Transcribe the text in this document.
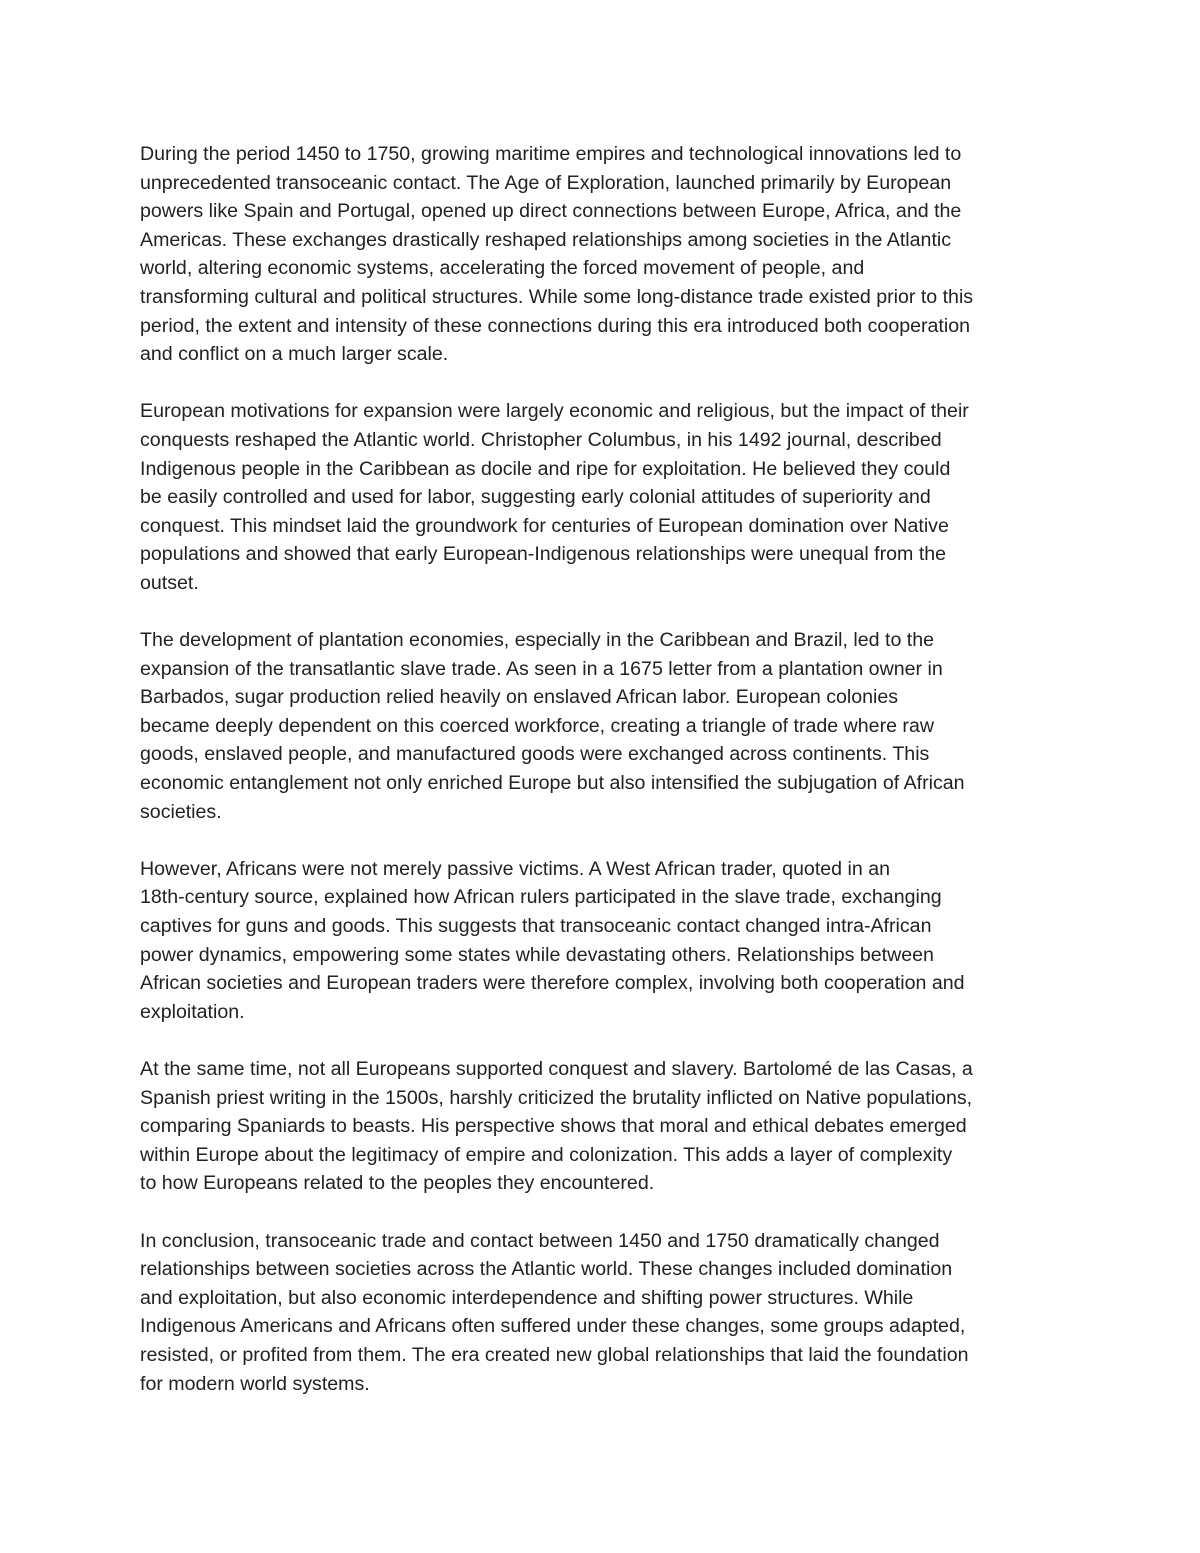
During the period 1450 to 1750, growing maritime empires and technological innovations led to
unprecedented transoceanic contact. The Age of Exploration, launched primarily by European
powers like Spain and Portugal, opened up direct connections between Europe, Africa, and the
Americas. These exchanges drastically reshaped relationships among societies in the Atlantic
world, altering economic systems, accelerating the forced movement of people, and
transforming cultural and political structures. While some long-distance trade existed prior to this
period, the extent and intensity of these connections during this era introduced both cooperation
and conflict on a much larger scale.

European motivations for expansion were largely economic and religious, but the impact of their
conquests reshaped the Atlantic world. Christopher Columbus, in his 1492 journal, described
Indigenous people in the Caribbean as docile and ripe for exploitation. He believed they could
be easily controlled and used for labor, suggesting early colonial attitudes of superiority and
conquest. This mindset laid the groundwork for centuries of European domination over Native
populations and showed that early European-Indigenous relationships were unequal from the
outset.

The development of plantation economies, especially in the Caribbean and Brazil, led to the
expansion of the transatlantic slave trade. As seen in a 1675 letter from a plantation owner in
Barbados, sugar production relied heavily on enslaved African labor. European colonies
became deeply dependent on this coerced workforce, creating a triangle of trade where raw
goods, enslaved people, and manufactured goods were exchanged across continents. This
economic entanglement not only enriched Europe but also intensified the subjugation of African
societies.

However, Africans were not merely passive victims. A West African trader, quoted in an
18th-century source, explained how African rulers participated in the slave trade, exchanging
captives for guns and goods. This suggests that transoceanic contact changed intra-African
power dynamics, empowering some states while devastating others. Relationships between
African societies and European traders were therefore complex, involving both cooperation and
exploitation.

At the same time, not all Europeans supported conquest and slavery. Bartolomé de las Casas, a
Spanish priest writing in the 1500s, harshly criticized the brutality inflicted on Native populations,
comparing Spaniards to beasts. His perspective shows that moral and ethical debates emerged
within Europe about the legitimacy of empire and colonization. This adds a layer of complexity
to how Europeans related to the peoples they encountered.

In conclusion, transoceanic trade and contact between 1450 and 1750 dramatically changed
relationships between societies across the Atlantic world. These changes included domination
and exploitation, but also economic interdependence and shifting power structures. While
Indigenous Americans and Africans often suffered under these changes, some groups adapted,
resisted, or profited from them. The era created new global relationships that laid the foundation
for modern world systems.
